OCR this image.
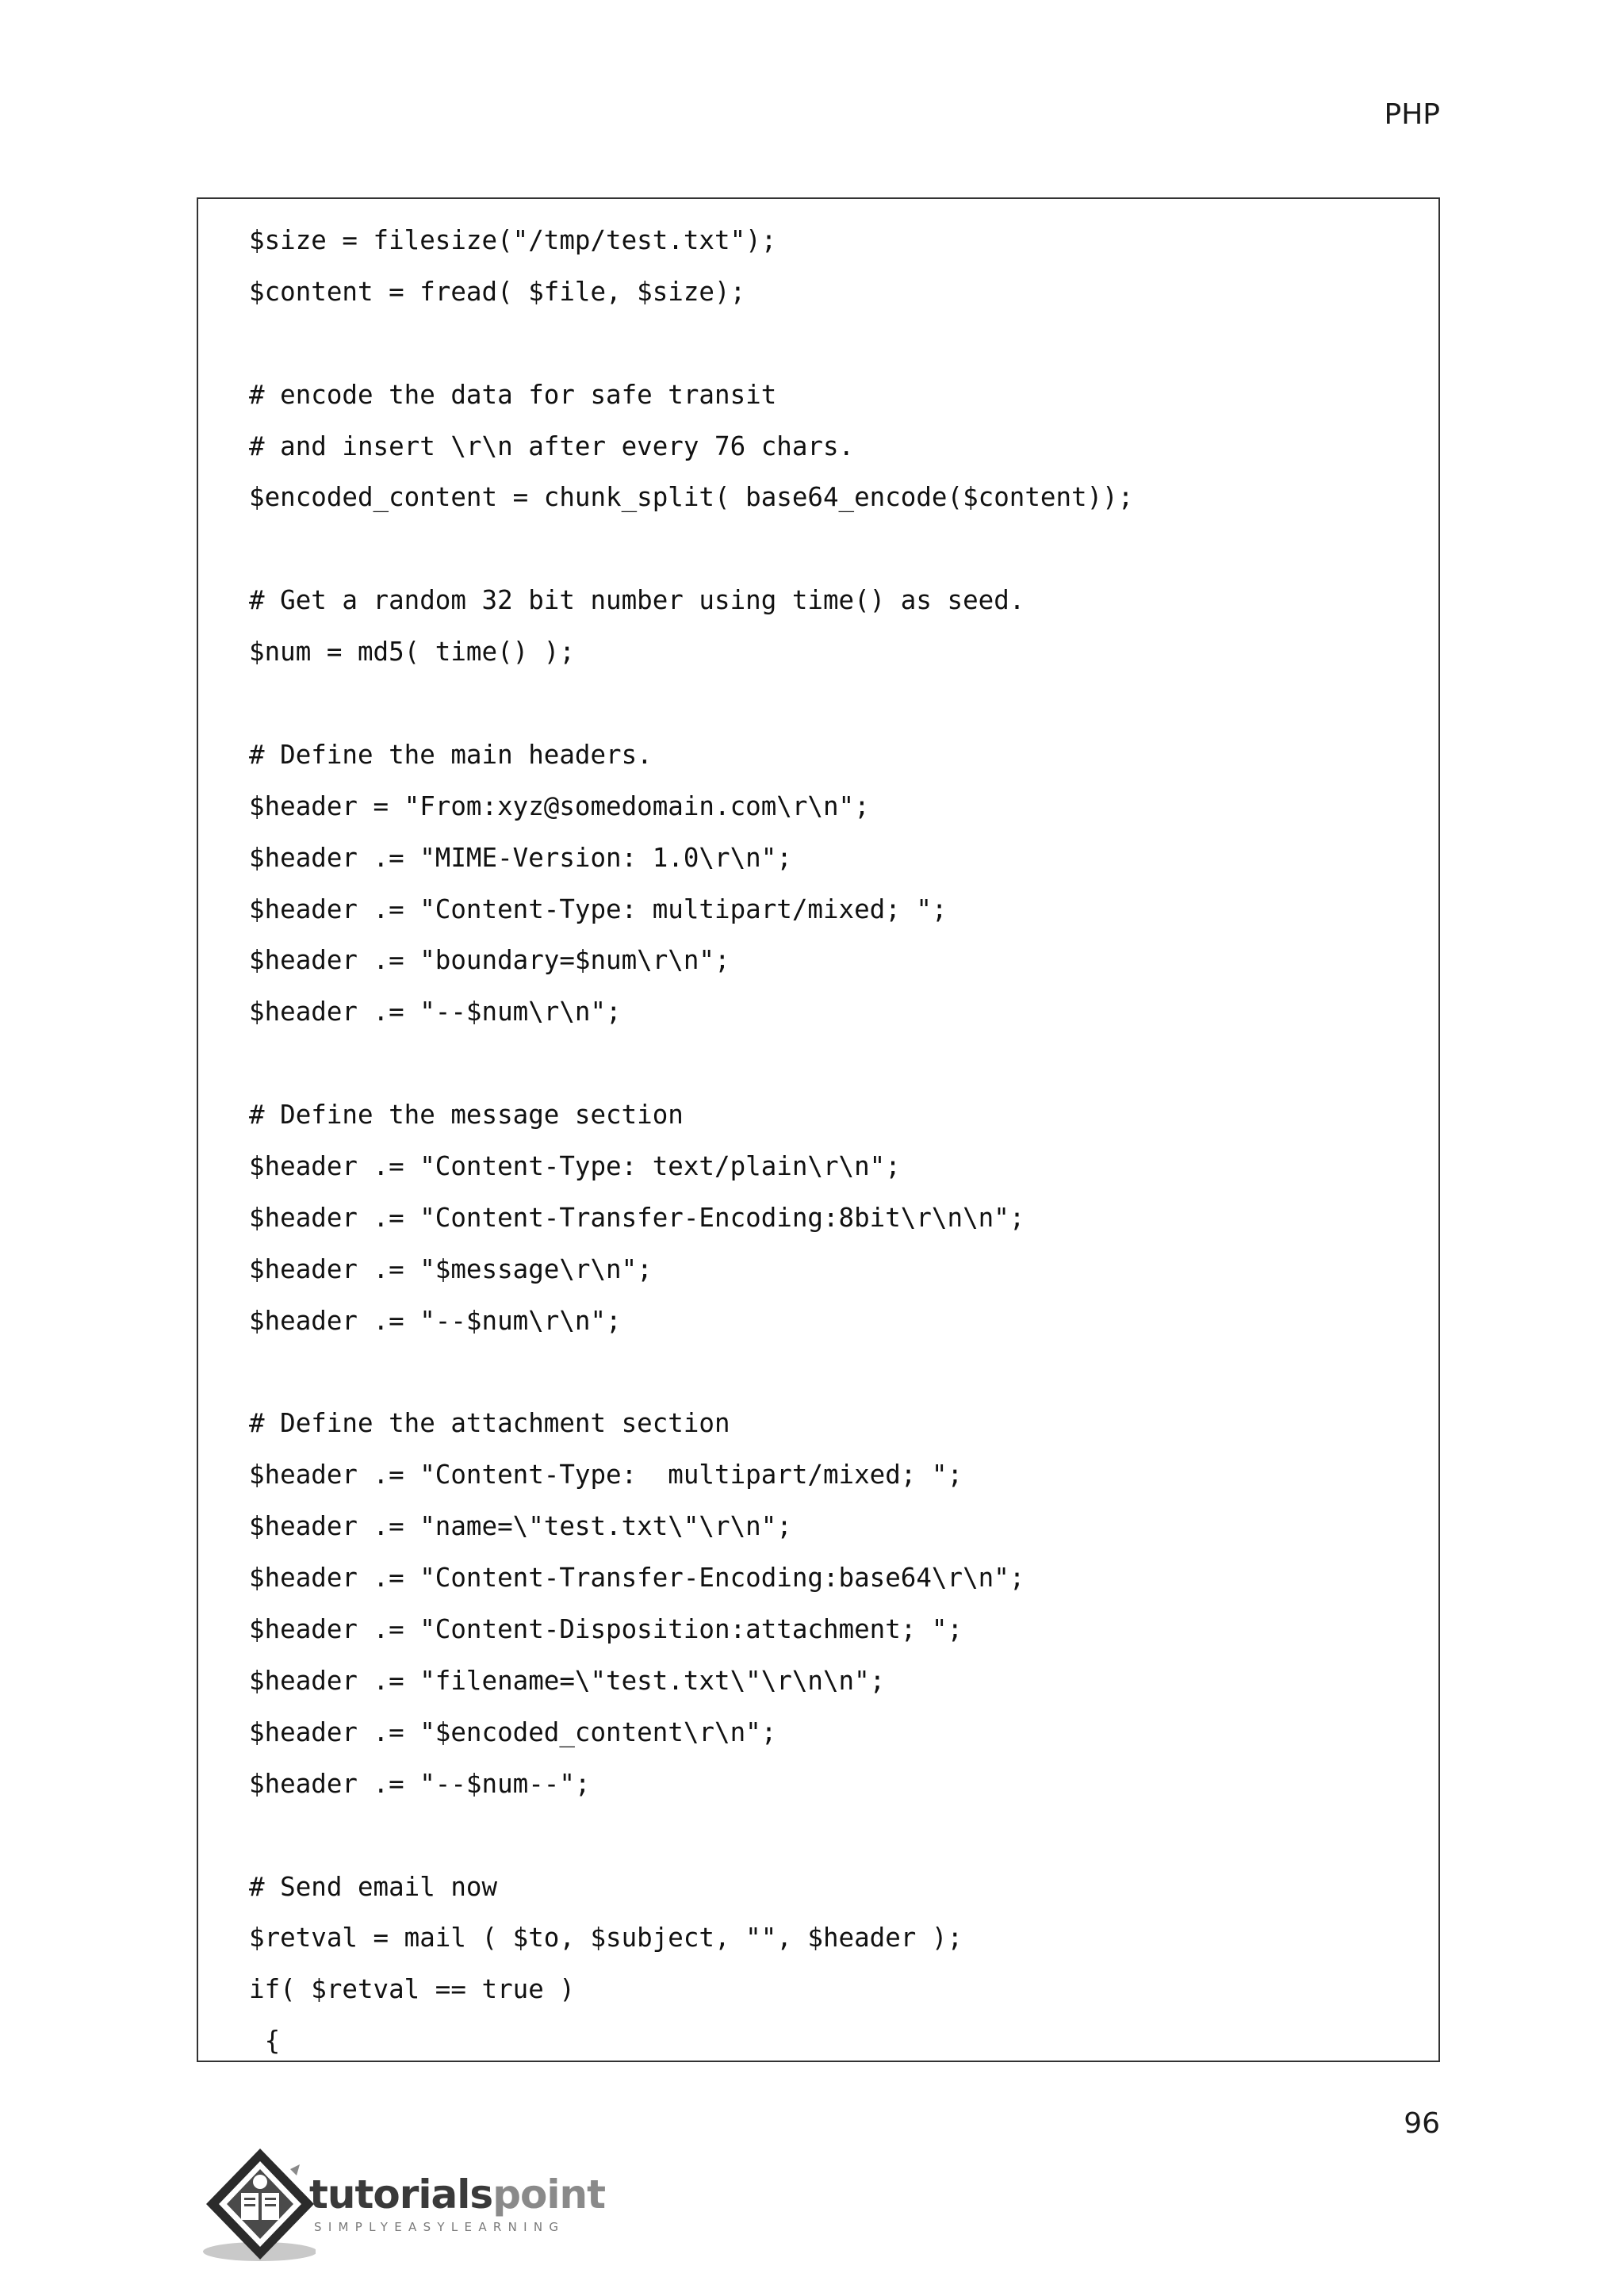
PHP
$size = filesize("/tmp/test.txt");
$content = fread( $file, $size);
# encode the data for safe transit
# and insert \r\n after every 76 chars.
$encoded_content = chunk_split( base64_encode($content));
# Get a random 32 bit number using time() as seed.
$num = md5( time() );
# Define the main headers.
$header = "From:xyz@somedomain.com\r\n";
$header .= "MIME-Version: 1.0\r\n";
$header .= "Content-Type: multipart/mixed; ";
$header .= "boundary=$num\r\n";
$header .= "--$num\r\n";
# Define the message section
$header .= "Content-Type: text/plain\r\n";
$header .= "Content-Transfer-Encoding:8bit\r\n\n";
$header .= "$message\r\n";
$header .= "--$num\r\n";
# Define the attachment section
$header .= "Content-Type:  multipart/mixed; ";
$header .= "name=\"test.txt\"\r\n";
$header .= "Content-Transfer-Encoding:base64\r\n";
$header .= "Content-Disposition:attachment; ";
$header .= "filename=\"test.txt\"\r\n\n";
$header .= "$encoded_content\r\n";
$header .= "--$num--";
# Send email now
$retval = mail ( $to, $subject, "", $header );
if( $retval == true )
{
96
tutorialspoint
SIMPLYEASYLEARNING
